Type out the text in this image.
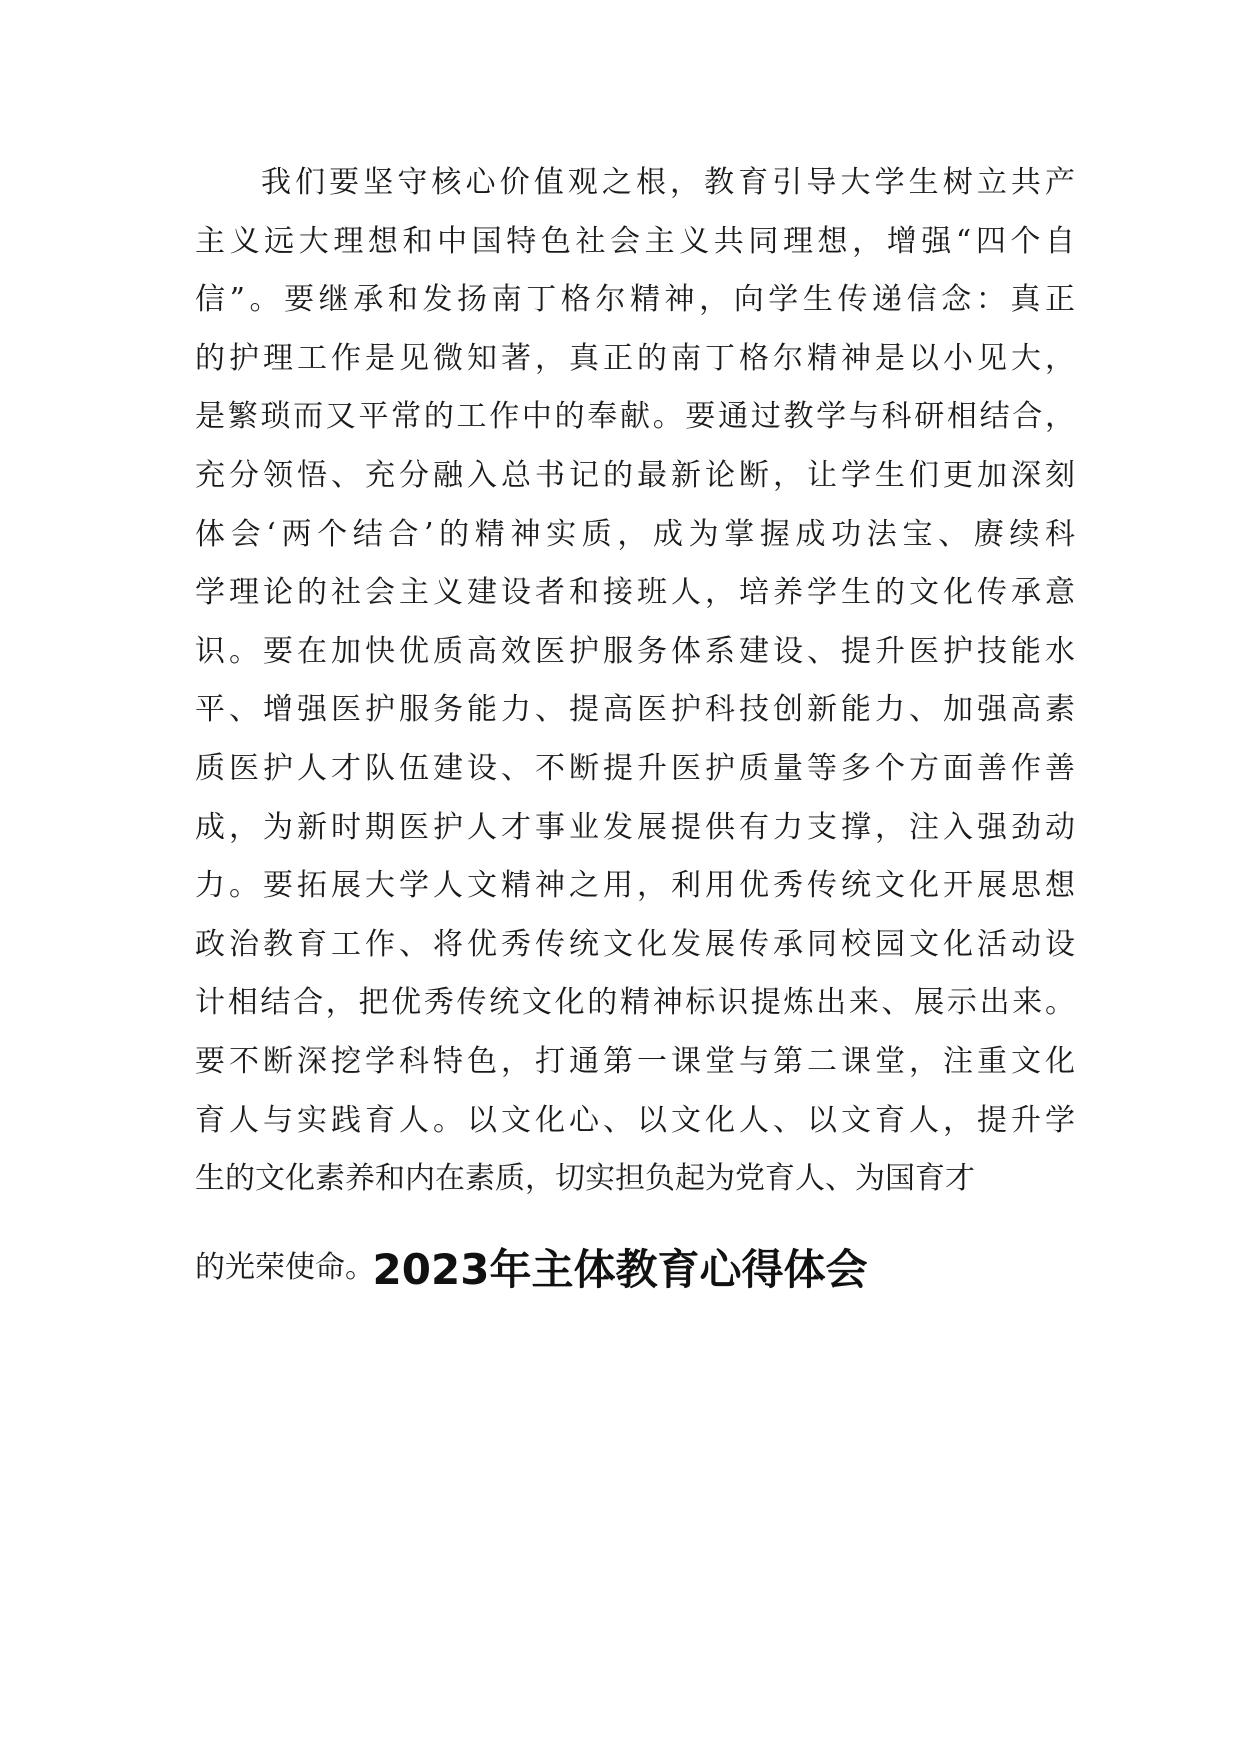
我们要坚守核心价值观之根，教育引导大学生树立共产
主义远大理想和中国特色社会主义共同理想，增强“四个自
信”。要继承和发扬南丁格尔精神，向学生传递信念：真正
的护理工作是见微知著，真正的南丁格尔精神是以小见大，
是繁琐而又平常的工作中的奉献。要通过教学与科研相结合，
充分领悟、充分融入总书记的最新论断，让学生们更加深刻
体会‘两个结合’的精神实质，成为掌握成功法宝、赓续科
学理论的社会主义建设者和接班人，培养学生的文化传承意
识。要在加快优质高效医护服务体系建设、提升医护技能水
平、增强医护服务能力、提高医护科技创新能力、加强高素
质医护人才队伍建设、不断提升医护质量等多个方面善作善
成，为新时期医护人才事业发展提供有力支撑，注入强劲动
力。要拓展大学人文精神之用，利用优秀传统文化开展思想
政治教育工作、将优秀传统文化发展传承同校园文化活动设
计相结合，把优秀传统文化的精神标识提炼出来、展示出来。
要不断深挖学科特色，打通第一课堂与第二课堂，注重文化
育人与实践育人。以文化心、以文化人、以文育人，提升学
生的文化素养和内在素质，切实担负起为党育人、为国育才
的光荣使命。
2023年主体教育心得体会
